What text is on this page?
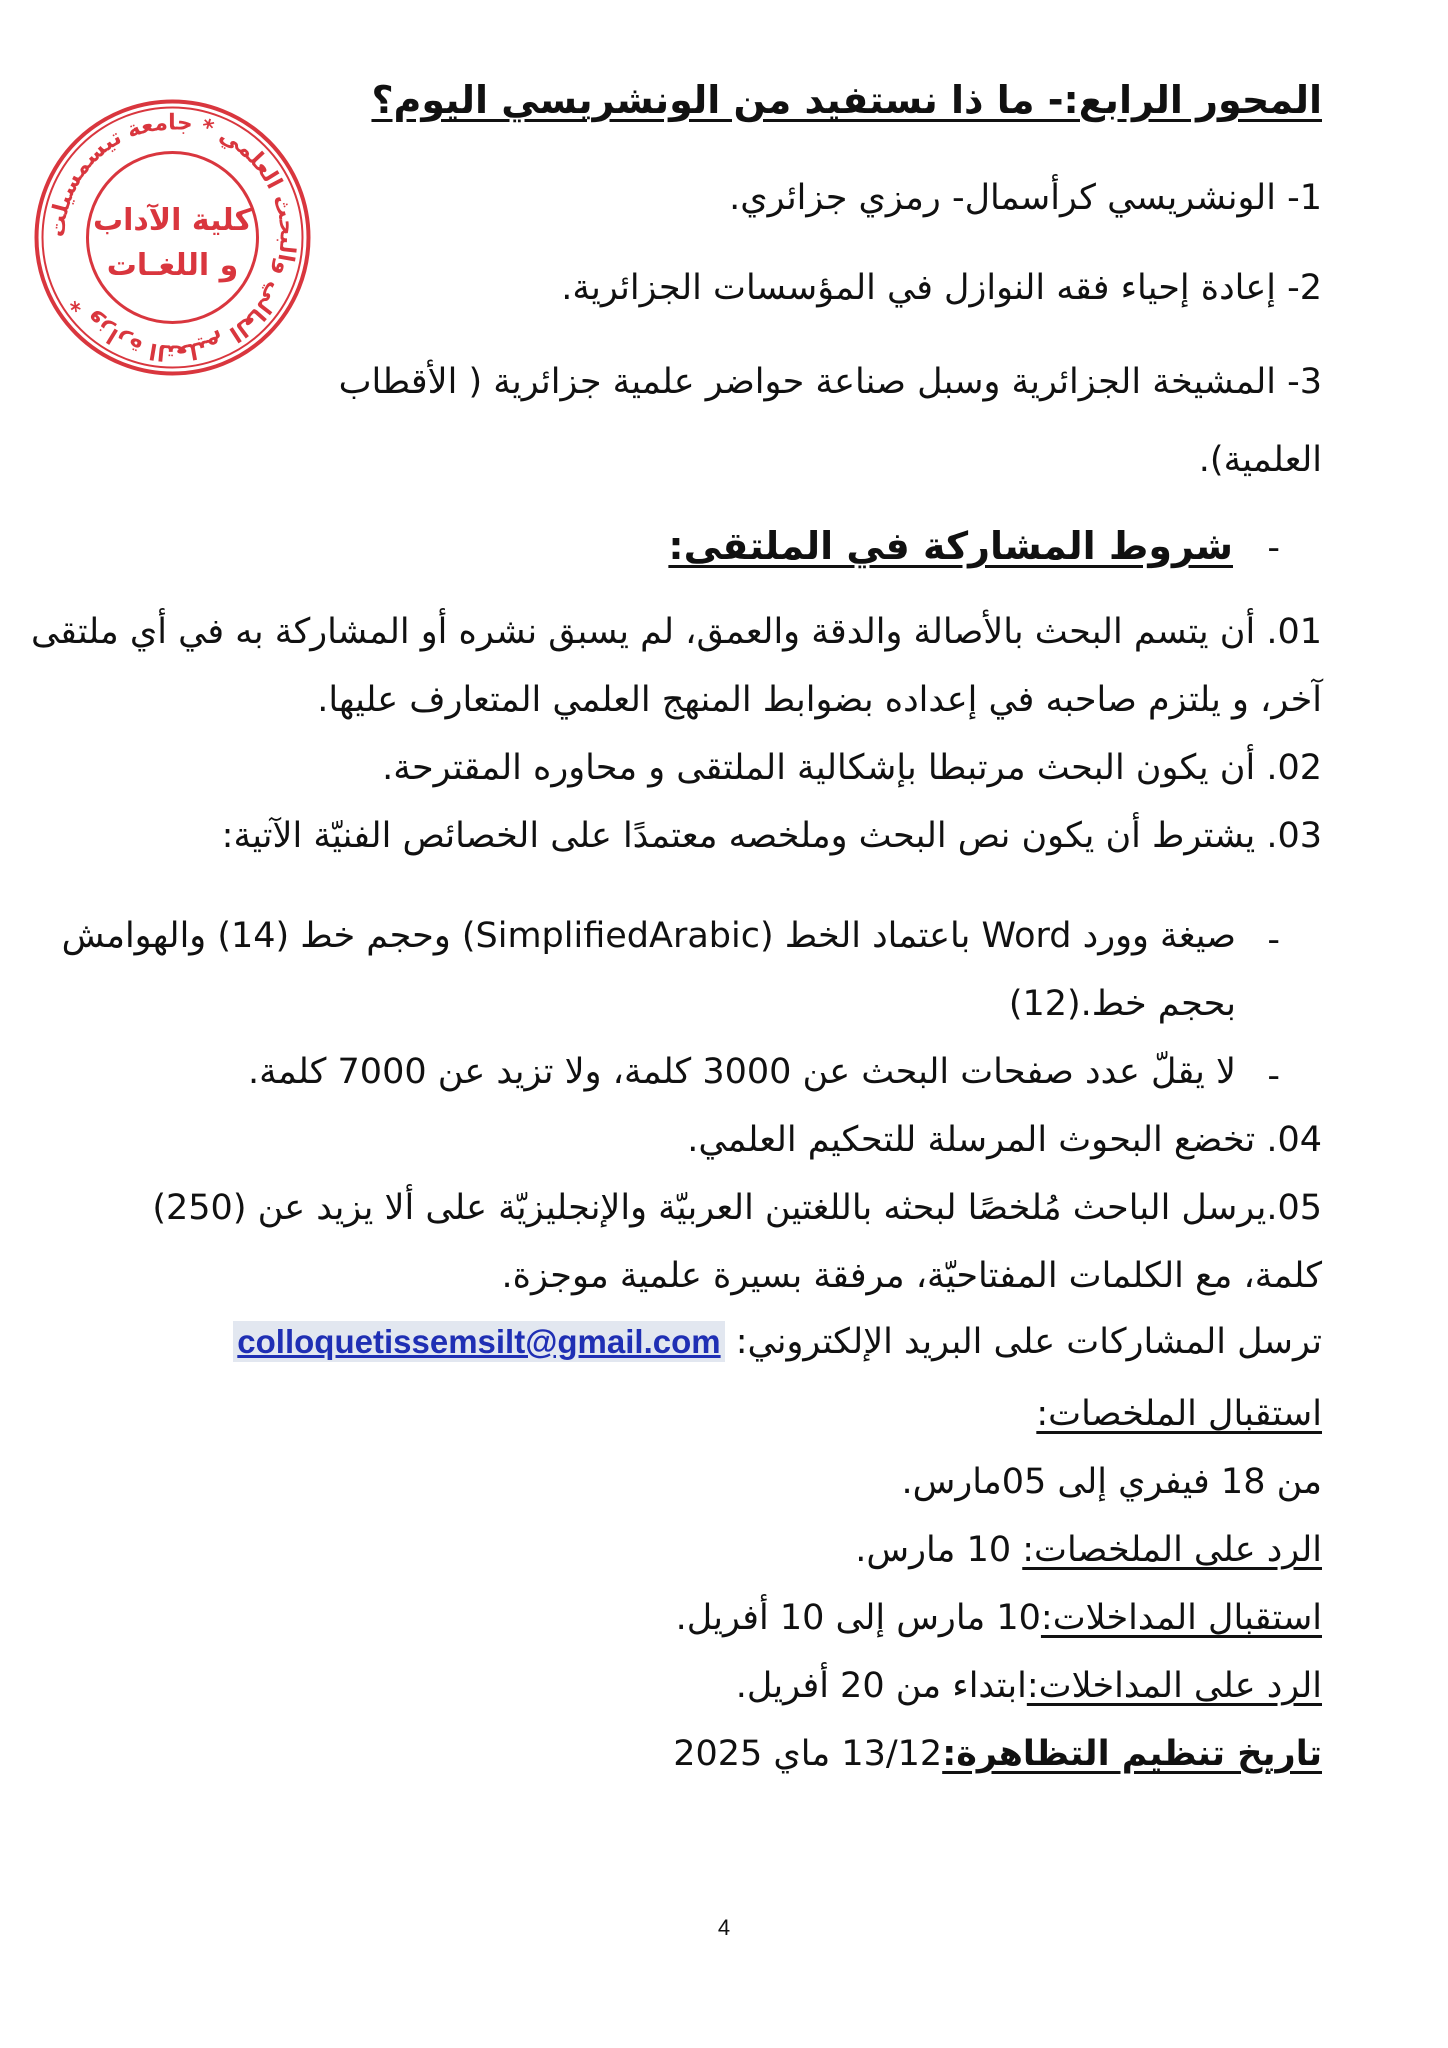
وزارة التعليم العالي والبحث العلمي * جامعة تيسمسيلت *
كلية الآداب
و اللغـات
المحور الرابع:- ما ذا نستفيد من الونشريسي اليوم؟
1- الونشريسي كرأسمال- رمزي جزائري.
2- إعادة إحياء فقه النوازل في المؤسسات الجزائرية.
3- المشيخة الجزائرية وسبل صناعة حواضر علمية جزائرية ( الأقطاب
العلمية).
-
شروط المشاركة في الملتقى:
01. أن يتسم البحث بالأصالة والدقة والعمق، لم يسبق نشره أو المشاركة به في أي ملتقى
آخر، و يلتزم صاحبه في إعداده بضوابط المنهج العلمي المتعارف عليها.
02. أن يكون البحث مرتبطا بإشكالية الملتقى و محاوره المقترحة.
03. يشترط أن يكون نص البحث وملخصه معتمدًا على الخصائص الفنيّة الآتية:
-
صيغة وورد Word باعتماد الخط (SimplifiedArabic) وحجم خط (14) والهوامش
بحجم خط.(12)
-
لا يقلّ عدد صفحات البحث عن 3000 كلمة، ولا تزيد عن 7000 كلمة.
04. تخضع البحوث المرسلة للتحكيم العلمي.
05.يرسل الباحث مُلخصًا لبحثه باللغتين العربيّة والإنجليزيّة على ألا يزيد عن (250)
كلمة، مع الكلمات المفتاحيّة، مرفقة بسيرة علمية موجزة.
ترسل المشاركات على البريد الإلكتروني: colloquetissemsilt@gmail.com
استقبال الملخصات:
من 18 فيفري إلى 05مارس.
الرد على الملخصات: 10 مارس.
استقبال المداخلات:10 مارس إلى 10 أفريل.
الرد على المداخلات:ابتداء من 20 أفريل.
تاريخ تنظيم التظاهرة:13/12 ماي 2025
4
